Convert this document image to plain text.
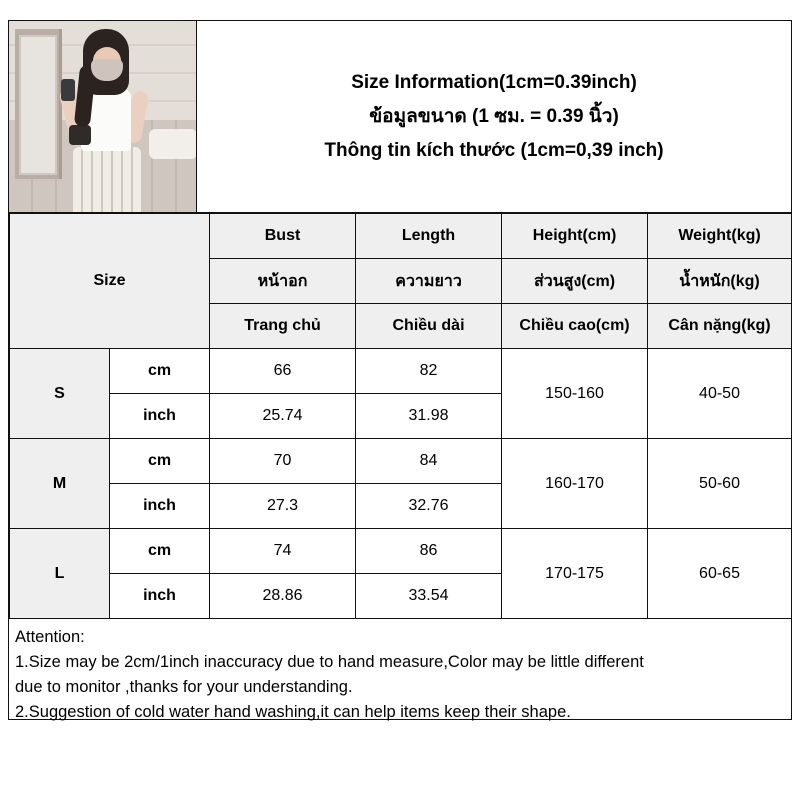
Size Information(1cm=0.39inch)
ข้อมูลขนาด (1 ซม. = 0.39 นิ้ว)
Thông tin kích thước (1cm=0,39 inch)
Size		Bust	Length	Height(cm)	Weight(kg)
		หน้าอก	ความยาว	ส่วนสูง(cm)	น้ำหนัก(kg)
		Trang chủ	Chiều dài	Chiều cao(cm)	Cân nặng(kg)
S	cm	66	82	150-160	40-50
	inch	25.74	31.98		
M	cm	70	84	160-170	50-60
	inch	27.3	32.76		
L	cm	74	86	170-175	60-65
	inch	28.86	33.54		
Attention:
1.Size may be 2cm/1inch inaccuracy due to hand measure,Color may be little different
due to monitor ,thanks for your understanding.
2.Suggestion of cold water hand washing,it can help items keep their shape.
